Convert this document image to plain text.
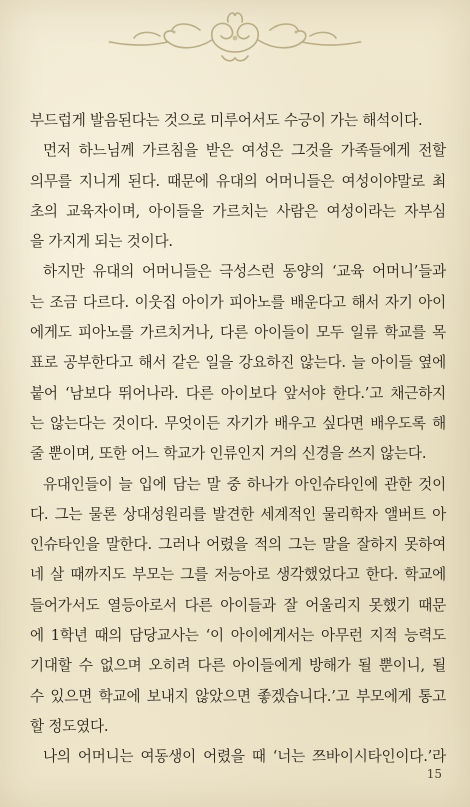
부드럽게 발음된다는 것으로 미루어서도 수긍이 가는 해석이다.
먼저 하느님께 가르침을 받은 여성은 그것을 가족들에게 전할
의무를 지니게 된다. 때문에 유대의 어머니들은 여성이야말로 최
초의 교육자이며, 아이들을 가르치는 사람은 여성이라는 자부심
을 가지게 되는 것이다.
하지만 유대의 어머니들은 극성스런 동양의 ‘교육 어머니’들과
는 조금 다르다. 이웃집 아이가 피아노를 배운다고 해서 자기 아이
에게도 피아노를 가르치거나, 다른 아이들이 모두 일류 학교를 목
표로 공부한다고 해서 같은 일을 강요하진 않는다. 늘 아이들 옆에
붙어 ‘남보다 뛰어나라. 다른 아이보다 앞서야 한다.’고 채근하지
는 않는다는 것이다. 무엇이든 자기가 배우고 싶다면 배우도록 해
줄 뿐이며, 또한 어느 학교가 인류인지 거의 신경을 쓰지 않는다.
유대인들이 늘 입에 담는 말 중 하나가 아인슈타인에 관한 것이
다. 그는 물론 상대성원리를 발견한 세계적인 물리학자 앨버트 아
인슈타인을 말한다. 그러나 어렸을 적의 그는 말을 잘하지 못하여
네 살 때까지도 부모는 그를 저능아로 생각했었다고 한다. 학교에
들어가서도 열등아로서 다른 아이들과 잘 어울리지 못했기 때문
에 1학년 때의 담당교사는 ‘이 아이에게서는 아무런 지적 능력도
기대할 수 없으며 오히려 다른 아이들에게 방해가 될 뿐이니, 될
수 있으면 학교에 보내지 않았으면 좋겠습니다.’고 부모에게 통고
할 정도였다.
나의 어머니는 여동생이 어렸을 때 ‘너는 쯔바이시타인이다.’라
15
